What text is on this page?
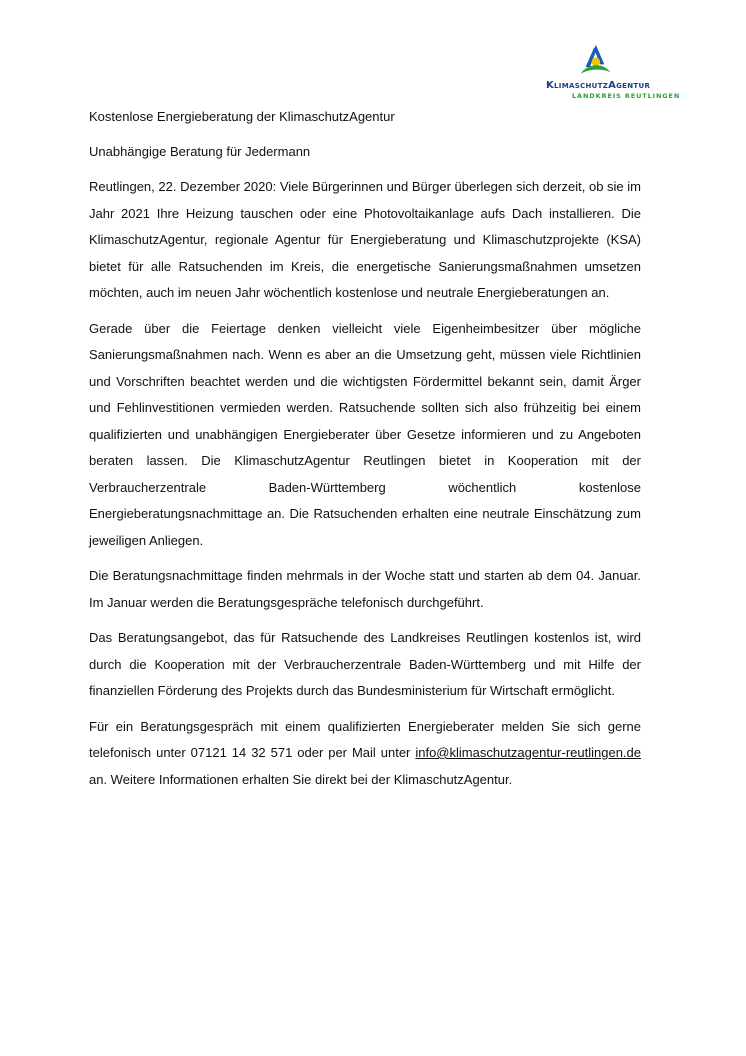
KlimaschutzAgentur
LANDKREIS REUTLINGEN

Kostenlose Energieberatung der KlimaschutzAgentur

Unabhängige Beratung für Jedermann

Reutlingen, 22. Dezember 2020: Viele Bürgerinnen und Bürger überlegen sich derzeit, ob sie im Jahr 2021 Ihre Heizung tauschen oder eine Photovoltaikanlage aufs Dach installieren. Die KlimaschutzAgentur, regionale Agentur für Energieberatung und Klimaschutzprojekte (KSA) bietet für alle Ratsuchenden im Kreis, die energetische Sanierungsmaßnahmen umsetzen möchten, auch im neuen Jahr wöchentlich kostenlose und neutrale Energieberatungen an.

Gerade über die Feiertage denken vielleicht viele Eigenheimbesitzer über mögliche Sanierungsmaßnahmen nach. Wenn es aber an die Umsetzung geht, müssen viele Richtlinien und Vorschriften beachtet werden und die wichtigsten Fördermittel bekannt sein, damit Ärger und Fehlinvestitionen vermieden werden. Ratsuchende sollten sich also frühzeitig bei einem qualifizierten und unabhängigen Energieberater über Gesetze informieren und zu Angeboten beraten lassen. Die KlimaschutzAgentur Reutlingen bietet in Kooperation mit der Verbraucherzentrale Baden-Württemberg wöchentlich kostenlose Energieberatungsnachmittage an. Die Ratsuchenden erhalten eine neutrale Einschätzung zum jeweiligen Anliegen.

Die Beratungsnachmittage finden mehrmals in der Woche statt und starten ab dem 04. Januar. Im Januar werden die Beratungsgespräche telefonisch durchgeführt.

Das Beratungsangebot, das für Ratsuchende des Landkreises Reutlingen kostenlos ist, wird durch die Kooperation mit der Verbraucherzentrale Baden-Württemberg und mit Hilfe der finanziellen Förderung des Projekts durch das Bundesministerium für Wirtschaft ermöglicht.

Für ein Beratungsgespräch mit einem qualifizierten Energieberater melden Sie sich gerne telefonisch unter 07121 14 32 571 oder per Mail unter info@klimaschutzagentur-reutlingen.de an. Weitere Informationen erhalten Sie direkt bei der KlimaschutzAgentur.
